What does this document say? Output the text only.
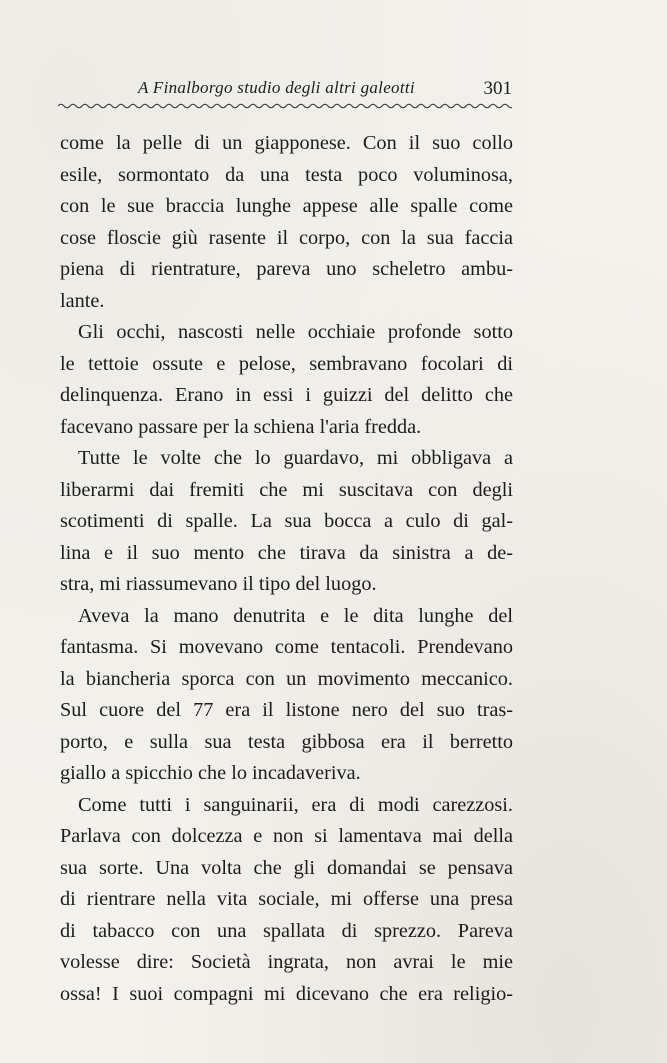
A Finalborgo studio degli altri galeotti	301
come la pelle di un giapponese. Con il suo collo
esile, sormontato da una testa poco voluminosa,
con le sue braccia lunghe appese alle spalle come
cose floscie giù rasente il corpo, con la sua faccia
piena di rientrature, pareva uno scheletro ambu-
lante.
Gli occhi, nascosti nelle occhiaie profonde sotto
le tettoie ossute e pelose, sembravano focolari di
delinquenza. Erano in essi i guizzi del delitto che
facevano passare per la schiena l'aria fredda.
Tutte le volte che lo guardavo, mi obbligava a
liberarmi dai fremiti che mi suscitava con degli
scotimenti di spalle. La sua bocca a culo di gal-
lina e il suo mento che tirava da sinistra a de-
stra, mi riassumevano il tipo del luogo.
Aveva la mano denutrita e le dita lunghe del
fantasma. Si movevano come tentacoli. Prendevano
la biancheria sporca con un movimento meccanico.
Sul cuore del 77 era il listone nero del suo tras-
porto, e sulla sua testa gibbosa era il berretto
giallo a spicchio che lo incadaveriva.
Come tutti i sanguinarii, era di modi carezzosi.
Parlava con dolcezza e non si lamentava mai della
sua sorte. Una volta che gli domandai se pensava
di rientrare nella vita sociale, mi offerse una presa
di tabacco con una spallata di sprezzo. Pareva
volesse dire: Società ingrata, non avrai le mie
ossa! I suoi compagni mi dicevano che era religio-
